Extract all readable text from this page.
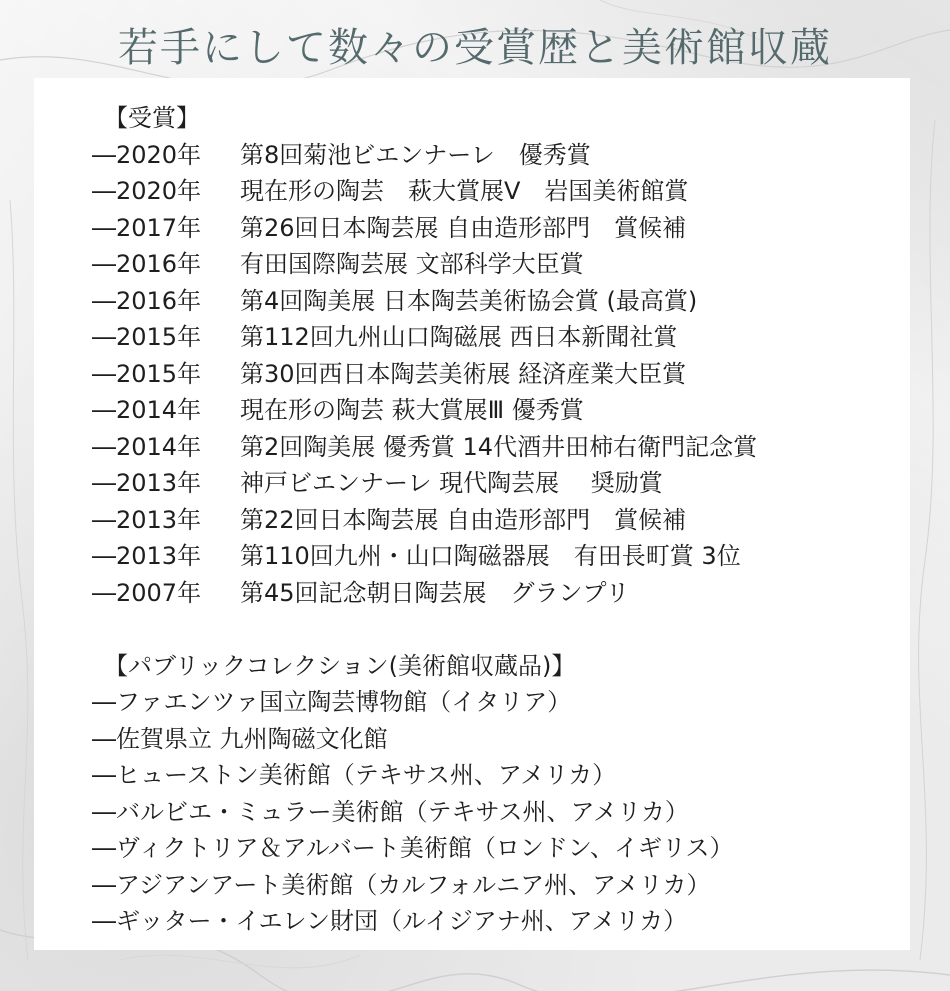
若手にして数々の受賞歴と美術館収蔵
【受賞】
― 2020年	第8回菊池ビエンナーレ　優秀賞
― 2020年	現在形の陶芸　萩大賞展Ⅴ　岩国美術館賞
― 2017年	第26回日本陶芸展 自由造形部門　賞候補
― 2016年	有田国際陶芸展 文部科学大臣賞
― 2016年	第4回陶美展 日本陶芸美術協会賞 (最高賞)
― 2015年	第112回九州山口陶磁展 西日本新聞社賞
― 2015年	第30回西日本陶芸美術展 経済産業大臣賞
― 2014年	現在形の陶芸 萩大賞展Ⅲ 優秀賞
― 2014年	第2回陶美展 優秀賞 14代酒井田柿右衛門記念賞
― 2013年	神戸ビエンナーレ 現代陶芸展　 奨励賞
― 2013年	第22回日本陶芸展 自由造形部門　賞候補
― 2013年	第110回九州・山口陶磁器展　有田長町賞 3位
― 2007年	第45回記念朝日陶芸展　グランプリ
【パブリックコレクション(美術館収蔵品)】
― ファエンツァ国立陶芸博物館（イタリア）
― 佐賀県立 九州陶磁文化館
― ヒューストン美術館（テキサス州、アメリカ）
― バルビエ・ミュラー美術館（テキサス州、アメリカ）
― ヴィクトリア＆アルバート美術館（ロンドン、イギリス）
― アジアンアート美術館（カルフォルニア州、アメリカ）
― ギッター・イエレン財団（ルイジアナ州、アメリカ）
